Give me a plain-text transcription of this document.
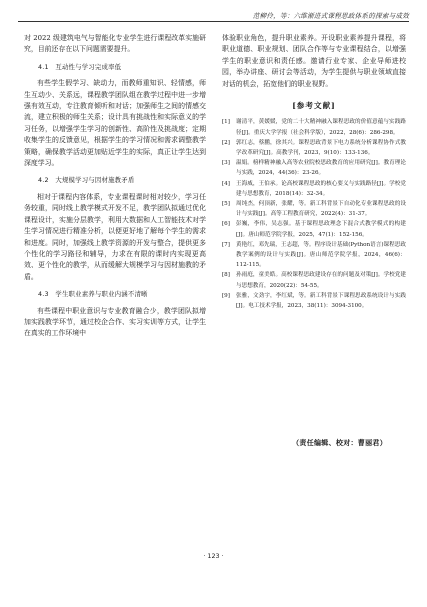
范柳伶，等：六维渐进式课程思政体系的探索与成效

对 2022 级建筑电气与智能化专业学生进行课程改革实施研究，目前还存在以下问题需要提升。

4.1　互动性与学习完成率低

有些学生假学习、缺动力，而教师重知识、轻情感，师生互动少、关系远，课程教学团队组在教学过程中进一步增强有效互动，专注教育倾听和对话；加强师生之间的情感交流，建立积极的师生关系；设计具有挑战性和实际意义的学习任务，以增强学生学习的创新性、高阶性及挑战度；定期收集学生的反馈意见，根据学生的学习情况和需求调整教学策略，确保教学活动更加贴近学生的实际，真正让学生达到深度学习。

4.2　大规模学习与因材施教矛盾

相对于课程内容体系，专业课程课时相对较少，学习任务较重，同时线上教学模式开发不足，教学团队拟通过优化课程设计，实施分层教学，利用大数据和人工智能技术对学生学习情况进行精准分析，以便更好地了解每个学生的需求和进度。同时，加强线上教学资源的开发与整合，提供更多个性化的学习路径和辅导，力求在有限的课时内实现更高效、更个性化的教学，从而缓解大规模学习与因材施教的矛盾。

4.3　学生职业素养与职业内涵不清晰

有些课程中职业意识与专业教育融合少，教学团队拟增加实践教学环节，通过校企合作、实习实训等方式，让学生在真实的工作环境中

体验职业角色，提升职业素养。开设职业素养提升课程，将职业道德、职业规划、团队合作等与专业课程结合，以增强学生的职业意识和责任感。邀请行业专家、企业导师进校园，举办讲座、研讨会等活动，为学生提供与职业领域直接对话的机会，拓宽他们的职业视野。

[参考文献]
[1]	谢清平，黄媛媛，党的二十大精神融入课程思政的价值意蕴与实践路径[J]。重庆大学学报（社会科学版），2022，28(6)：286-298。
[2]	郭红志，蔡鹏，徐其兴。课程思政背景下电力系统分析课程协作式教学改革研究[J]。高教学刊，2023，9(10)：133-136。
[3]	温娟。榜样精神融入高等农业院校思政教育的应用研究[J]。教育理论与实践，2024，44(36)：23-26。
[4]	王海威，王伯承。论高校课程思政的核心要义与实践路径[J]。学校党建与思想教育，2018(14)：32-34。
[5]	周纯杰，何顶新，张耀，等。新工科背景下自动化专业课程思政的设计与实践[J]。高等工程教育研究，2022(4)：31-37。
[6]	彭巍，李伟，吴志强。基于课程思政理念下混合式教学模式的构建[J]。唐山师范学院学报，2025，47(1)：152-156。
[7]	黄艳红，邓先瑞，王志超，等。程序设计基础(Python语言)课程思政教学案例的设计与实践[J]。唐山师范学院学报，2024，46(6)：112-115。
[8]	孙雨庭，童美皓。高校课程思政建设存在的问题及对策[J]。学校党建与思想教育，2020(22)：54-55。
[9]	张雅，文劲宇，李红斌，等。新工科背景下课程思政系统设计与实践[J]。电工技术学报，2023，38(11)：3094-3100。
（责任编辑、校对：曹丽君）
· 123 ·
